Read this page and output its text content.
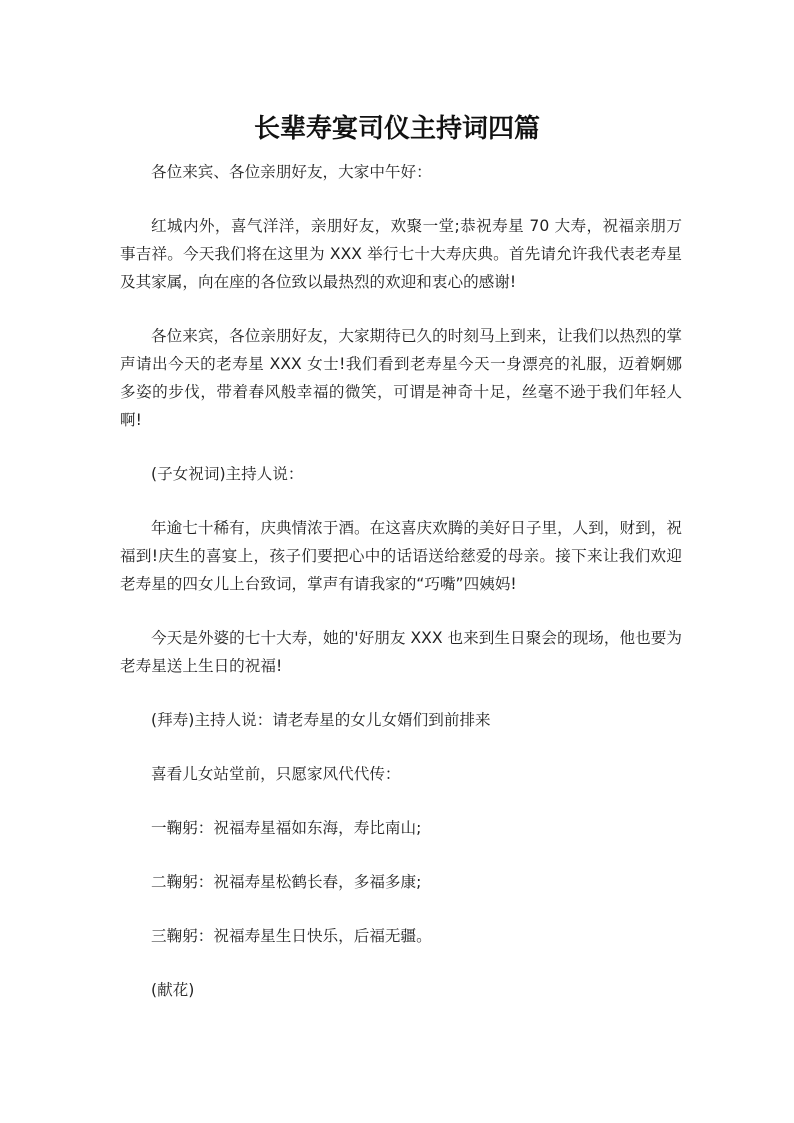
长辈寿宴司仪主持词四篇

各位来宾、各位亲朋好友，大家中午好：

红城内外，喜气洋洋，亲朋好友，欢聚一堂;恭祝寿星 70 大寿，祝福亲朋万事吉祥。今天我们将在这里为 XXX 举行七十大寿庆典。首先请允许我代表老寿星及其家属，向在座的各位致以最热烈的欢迎和衷心的感谢!

各位来宾，各位亲朋好友，大家期待已久的时刻马上到来，让我们以热烈的掌声请出今天的老寿星 XXX 女士!我们看到老寿星今天一身漂亮的礼服，迈着婀娜多姿的步伐，带着春风般幸福的微笑，可谓是神奇十足，丝毫不逊于我们年轻人啊!

(子女祝词)主持人说：

年逾七十稀有，庆典情浓于酒。在这喜庆欢腾的美好日子里，人到，财到，祝福到!庆生的喜宴上，孩子们要把心中的话语送给慈爱的母亲。接下来让我们欢迎老寿星的四女儿上台致词，掌声有请我家的“巧嘴”四姨妈!

今天是外婆的七十大寿，她的'好朋友 XXX 也来到生日聚会的现场，他也要为老寿星送上生日的祝福!

(拜寿)主持人说：请老寿星的女儿女婿们到前排来

喜看儿女站堂前，只愿家风代代传：

一鞠躬：祝福寿星福如东海，寿比南山;

二鞠躬：祝福寿星松鹤长春，多福多康;

三鞠躬：祝福寿星生日快乐，后福无疆。

(献花)
